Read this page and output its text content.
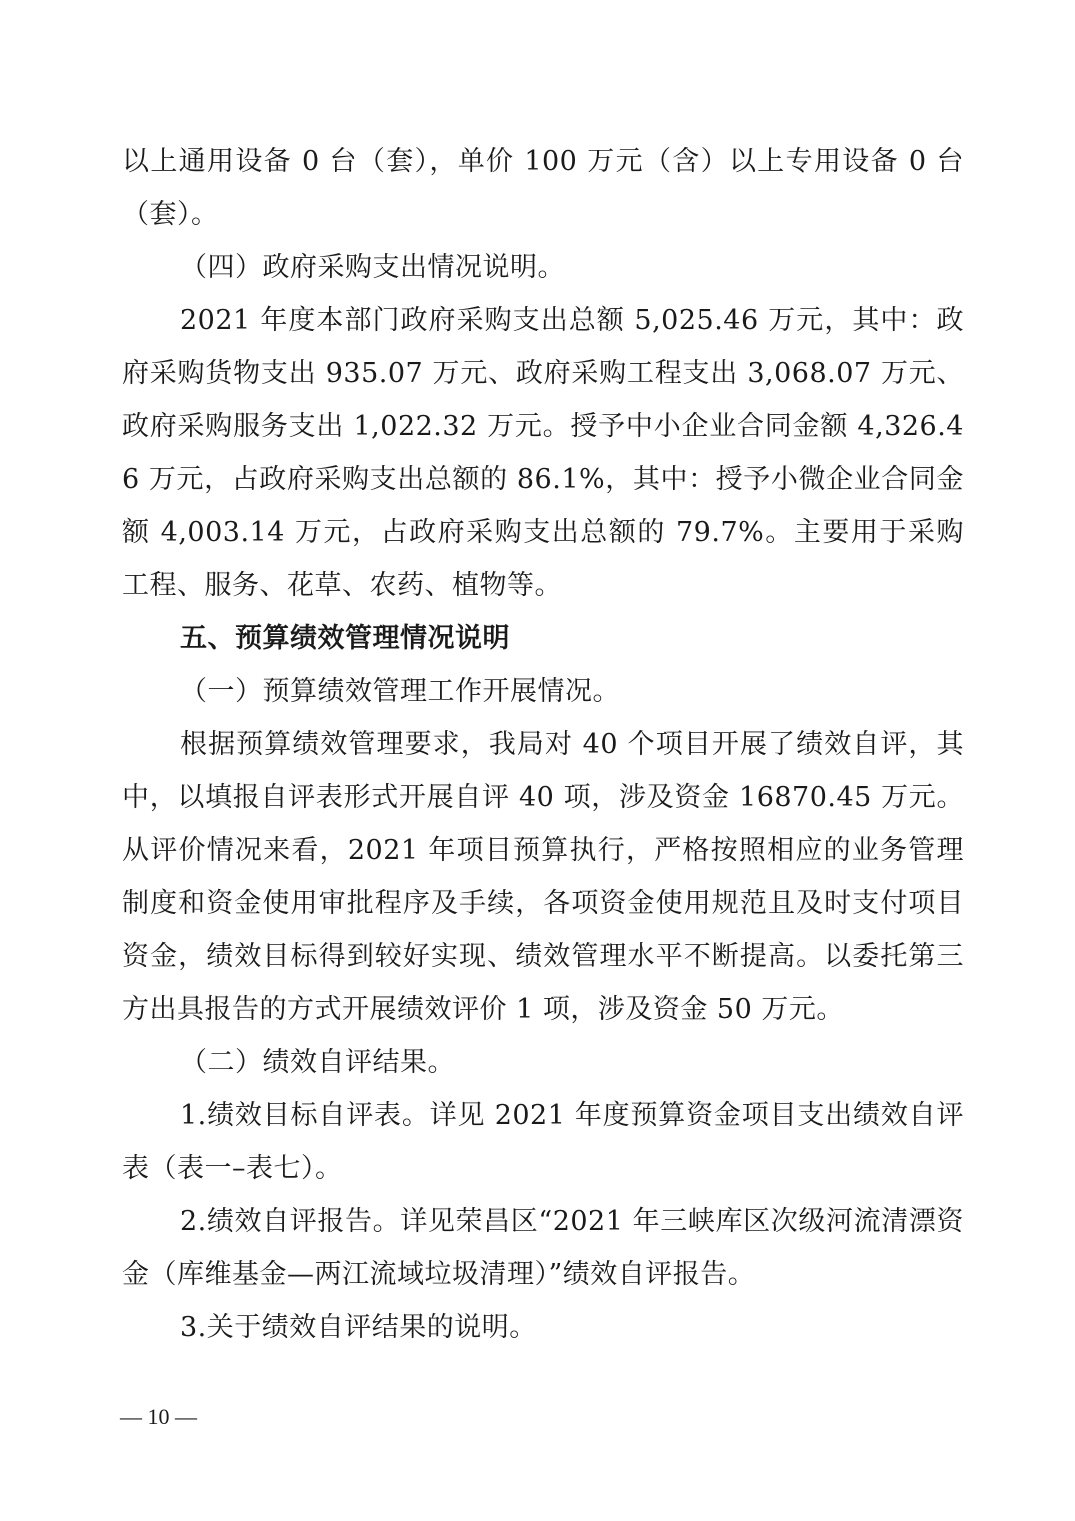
以上通用设备 0 台（套），单价 100 万元（含）以上专用设备 0 台（套）。

（四）政府采购支出情况说明。

2021 年度本部门政府采购支出总额 5,025.46 万元，其中：政府采购货物支出 935.07 万元、政府采购工程支出 3,068.07 万元、政府采购服务支出 1,022.32 万元。授予中小企业合同金额 4,326.46 万元，占政府采购支出总额的 86.1%，其中：授予小微企业合同金额 4,003.14 万元，占政府采购支出总额的 79.7%。主要用于采购工程、服务、花草、农药、植物等。

五、预算绩效管理情况说明

（一）预算绩效管理工作开展情况。

根据预算绩效管理要求，我局对 40 个项目开展了绩效自评，其中，以填报自评表形式开展自评 40 项，涉及资金 16870.45 万元。从评价情况来看，2021 年项目预算执行，严格按照相应的业务管理制度和资金使用审批程序及手续，各项资金使用规范且及时支付项目资金，绩效目标得到较好实现、绩效管理水平不断提高。以委托第三方出具报告的方式开展绩效评价 1 项，涉及资金 50 万元。

（二）绩效自评结果。

1.绩效目标自评表。详见 2021 年度预算资金项目支出绩效自评表（表一–表七）。

2.绩效自评报告。详见荣昌区“2021 年三峡库区次级河流清漂资金（库维基金—两江流域垃圾清理）”绩效自评报告。

3.关于绩效自评结果的说明。

— 10 —
